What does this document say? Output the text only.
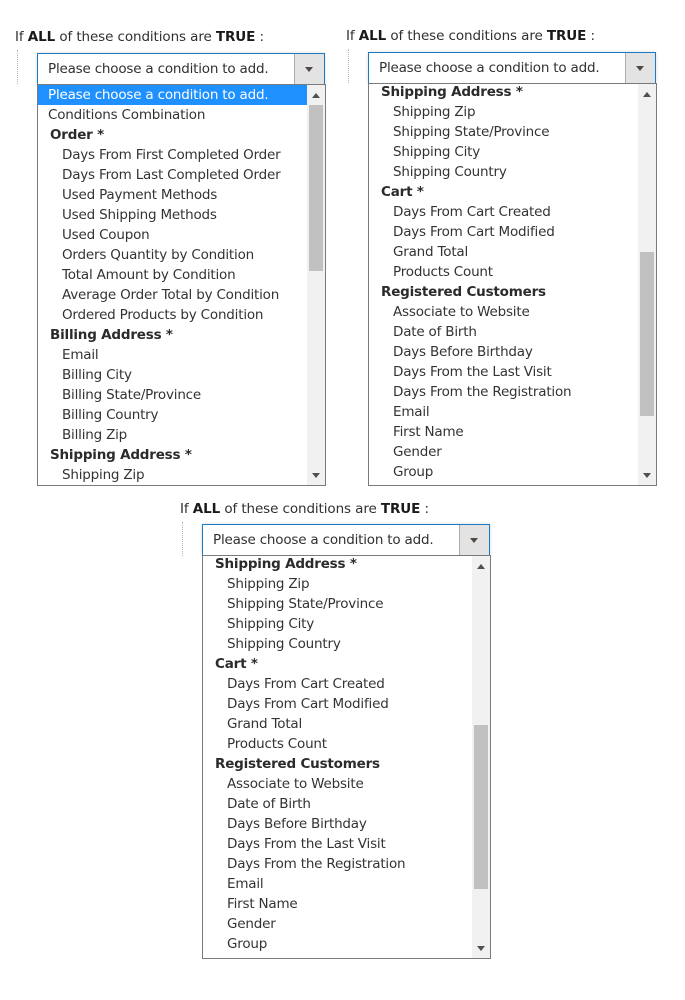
If ALL of these conditions are TRUE :
Please choose a condition to add.
Please choose a condition to add.
Conditions Combination
Order *
Days From First Completed Order
Days From Last Completed Order
Used Payment Methods
Used Shipping Methods
Used Coupon
Orders Quantity by Condition
Total Amount by Condition
Average Order Total by Condition
Ordered Products by Condition
Billing Address *
Email
Billing City
Billing State/Province
Billing Country
Billing Zip
Shipping Address *
Shipping Zip
If ALL of these conditions are TRUE :
Please choose a condition to add.
Shipping Address *
Shipping Zip
Shipping State/Province
Shipping City
Shipping Country
Cart *
Days From Cart Created
Days From Cart Modified
Grand Total
Products Count
Registered Customers
Associate to Website
Date of Birth
Days Before Birthday
Days From the Last Visit
Days From the Registration
Email
First Name
Gender
Group
If ALL of these conditions are TRUE :
Please choose a condition to add.
Shipping Address *
Shipping Zip
Shipping State/Province
Shipping City
Shipping Country
Cart *
Days From Cart Created
Days From Cart Modified
Grand Total
Products Count
Registered Customers
Associate to Website
Date of Birth
Days Before Birthday
Days From the Last Visit
Days From the Registration
Email
First Name
Gender
Group
